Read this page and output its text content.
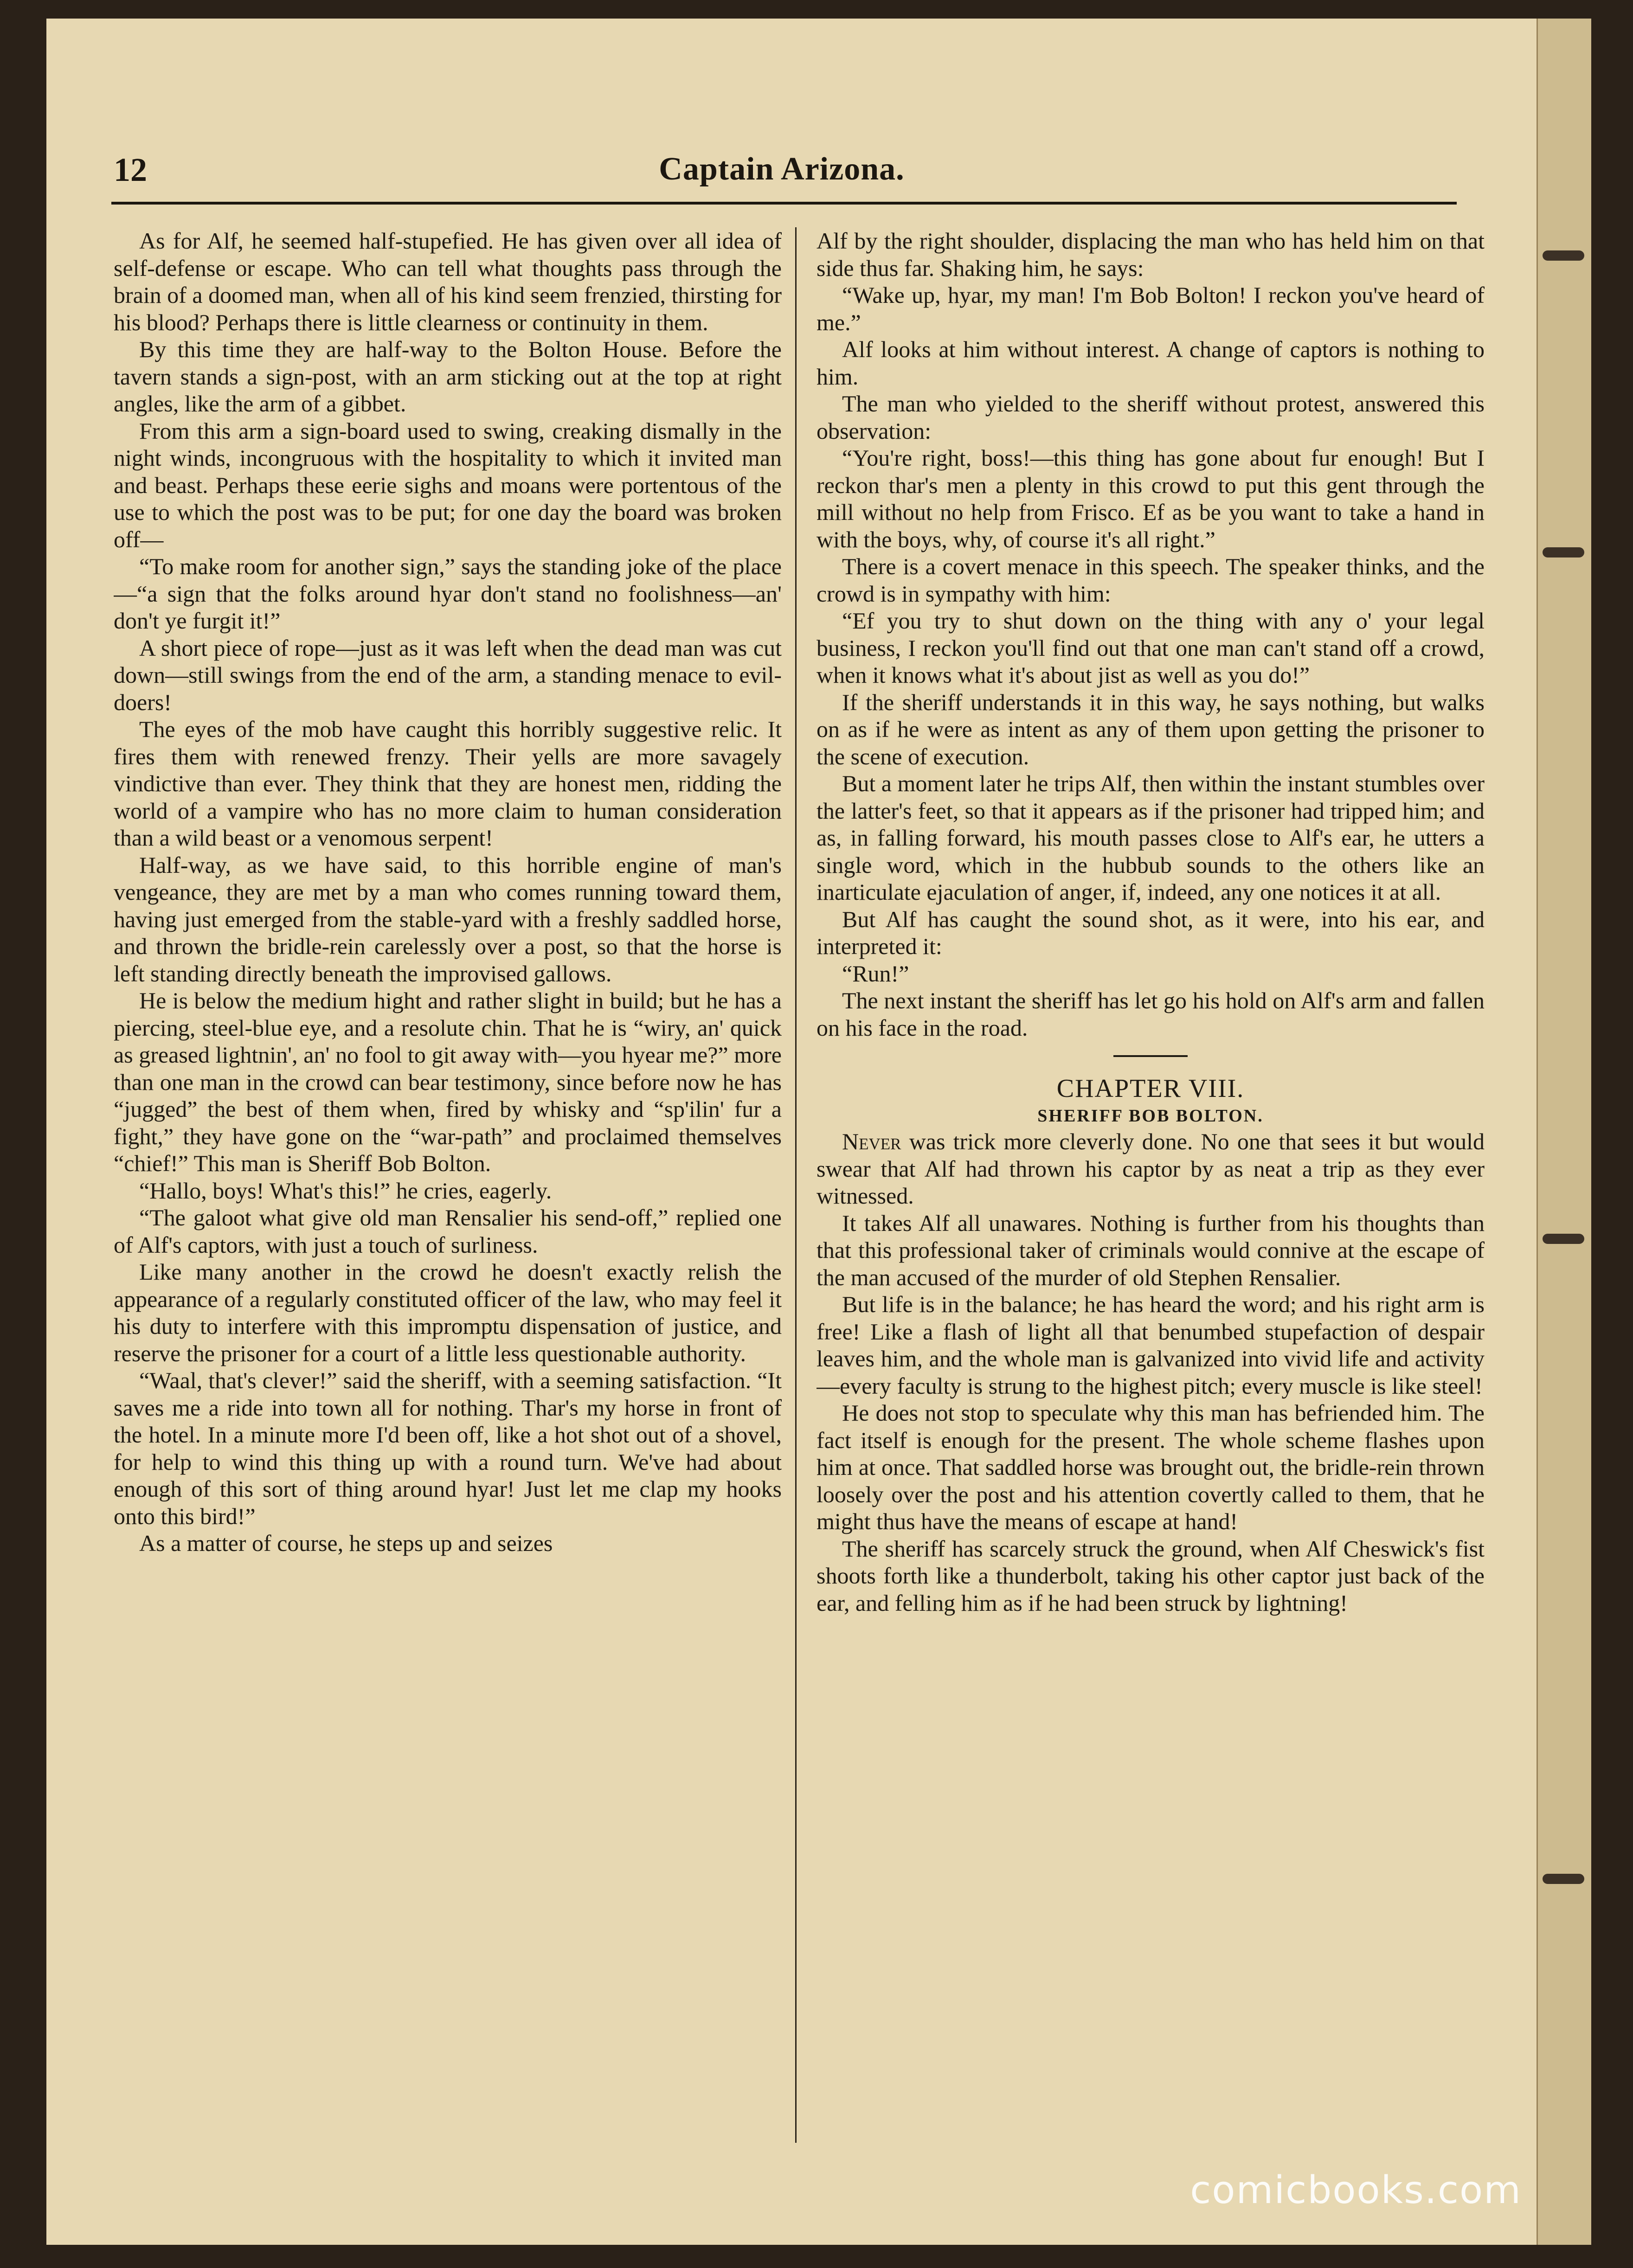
12	Captain Arizona.

As for Alf, he seemed half-stupefied. He has given over all idea of self-defense or escape. Who can tell what thoughts pass through the brain of a doomed man, when all of his kind seem frenzied, thirsting for his blood? Perhaps there is little clearness or continuity in them.

By this time they are half-way to the Bolton House. Before the tavern stands a sign-post, with an arm sticking out at the top at right angles, like the arm of a gibbet.

From this arm a sign-board used to swing, creaking dismally in the night winds, incongruous with the hospitality to which it invited man and beast. Perhaps these eerie sighs and moans were portentous of the use to which the post was to be put; for one day the board was broken off—

“To make room for another sign,” says the standing joke of the place—“a sign that the folks around hyar don't stand no foolishness—an' don't ye furgit it!”

A short piece of rope—just as it was left when the dead man was cut down—still swings from the end of the arm, a standing menace to evil-doers!

The eyes of the mob have caught this horribly suggestive relic. It fires them with renewed frenzy. Their yells are more savagely vindictive than ever. They think that they are honest men, ridding the world of a vampire who has no more claim to human consideration than a wild beast or a venomous serpent!

Half-way, as we have said, to this horrible engine of man's vengeance, they are met by a man who comes running toward them, having just emerged from the stable-yard with a freshly saddled horse, and thrown the bridle-rein carelessly over a post, so that the horse is left standing directly beneath the improvised gallows.

He is below the medium hight and rather slight in build; but he has a piercing, steel-blue eye, and a resolute chin. That he is “wiry, an' quick as greased lightnin', an' no fool to git away with—you hyear me?” more than one man in the crowd can bear testimony, since before now he has “jugged” the best of them when, fired by whisky and “sp'ilin' fur a fight,” they have gone on the “war-path” and proclaimed themselves “chief!” This man is Sheriff Bob Bolton.

“Hallo, boys! What's this!” he cries, eagerly.

“The galoot what give old man Rensalier his send-off,” replied one of Alf's captors, with just a touch of surliness.

Like many another in the crowd he doesn't exactly relish the appearance of a regularly constituted officer of the law, who may feel it his duty to interfere with this impromptu dispensation of justice, and reserve the prisoner for a court of a little less questionable authority.

“Waal, that's clever!” said the sheriff, with a seeming satisfaction. “It saves me a ride into town all for nothing. Thar's my horse in front of the hotel. In a minute more I'd been off, like a hot shot out of a shovel, for help to wind this thing up with a round turn. We've had about enough of this sort of thing around hyar! Just let me clap my hooks onto this bird!”

As a matter of course, he steps up and seizes

Alf by the right shoulder, displacing the man who has held him on that side thus far. Shaking him, he says:

“Wake up, hyar, my man! I'm Bob Bolton! I reckon you've heard of me.”

Alf looks at him without interest. A change of captors is nothing to him.

The man who yielded to the sheriff without protest, answered this observation:

“You're right, boss!—this thing has gone about fur enough! But I reckon thar's men a plenty in this crowd to put this gent through the mill without no help from Frisco. Ef as be you want to take a hand in with the boys, why, of course it's all right.”

There is a covert menace in this speech. The speaker thinks, and the crowd is in sympathy with him:

“Ef you try to shut down on the thing with any o' your legal business, I reckon you'll find out that one man can't stand off a crowd, when it knows what it's about jist as well as you do!”

If the sheriff understands it in this way, he says nothing, but walks on as if he were as intent as any of them upon getting the prisoner to the scene of execution.

But a moment later he trips Alf, then within the instant stumbles over the latter's feet, so that it appears as if the prisoner had tripped him; and as, in falling forward, his mouth passes close to Alf's ear, he utters a single word, which in the hubbub sounds to the others like an inarticulate ejaculation of anger, if, indeed, any one notices it at all.

But Alf has caught the sound shot, as it were, into his ear, and interpreted it:

“Run!”

The next instant the sheriff has let go his hold on Alf's arm and fallen on his face in the road.

CHAPTER VIII.

SHERIFF BOB BOLTON.

Never was trick more cleverly done. No one that sees it but would swear that Alf had thrown his captor by as neat a trip as they ever witnessed.

It takes Alf all unawares. Nothing is further from his thoughts than that this professional taker of criminals would connive at the escape of the man accused of the murder of old Stephen Rensalier.

But life is in the balance; he has heard the word; and his right arm is free! Like a flash of light all that benumbed stupefaction of despair leaves him, and the whole man is galvanized into vivid life and activity—every faculty is strung to the highest pitch; every muscle is like steel!

He does not stop to speculate why this man has befriended him. The fact itself is enough for the present. The whole scheme flashes upon him at once. That saddled horse was brought out, the bridle-rein thrown loosely over the post and his attention covertly called to them, that he might thus have the means of escape at hand!

The sheriff has scarcely struck the ground, when Alf Cheswick's fist shoots forth like a thunderbolt, taking his other captor just back of the ear, and felling him as if he had been struck by lightning!

comicbooks.com
